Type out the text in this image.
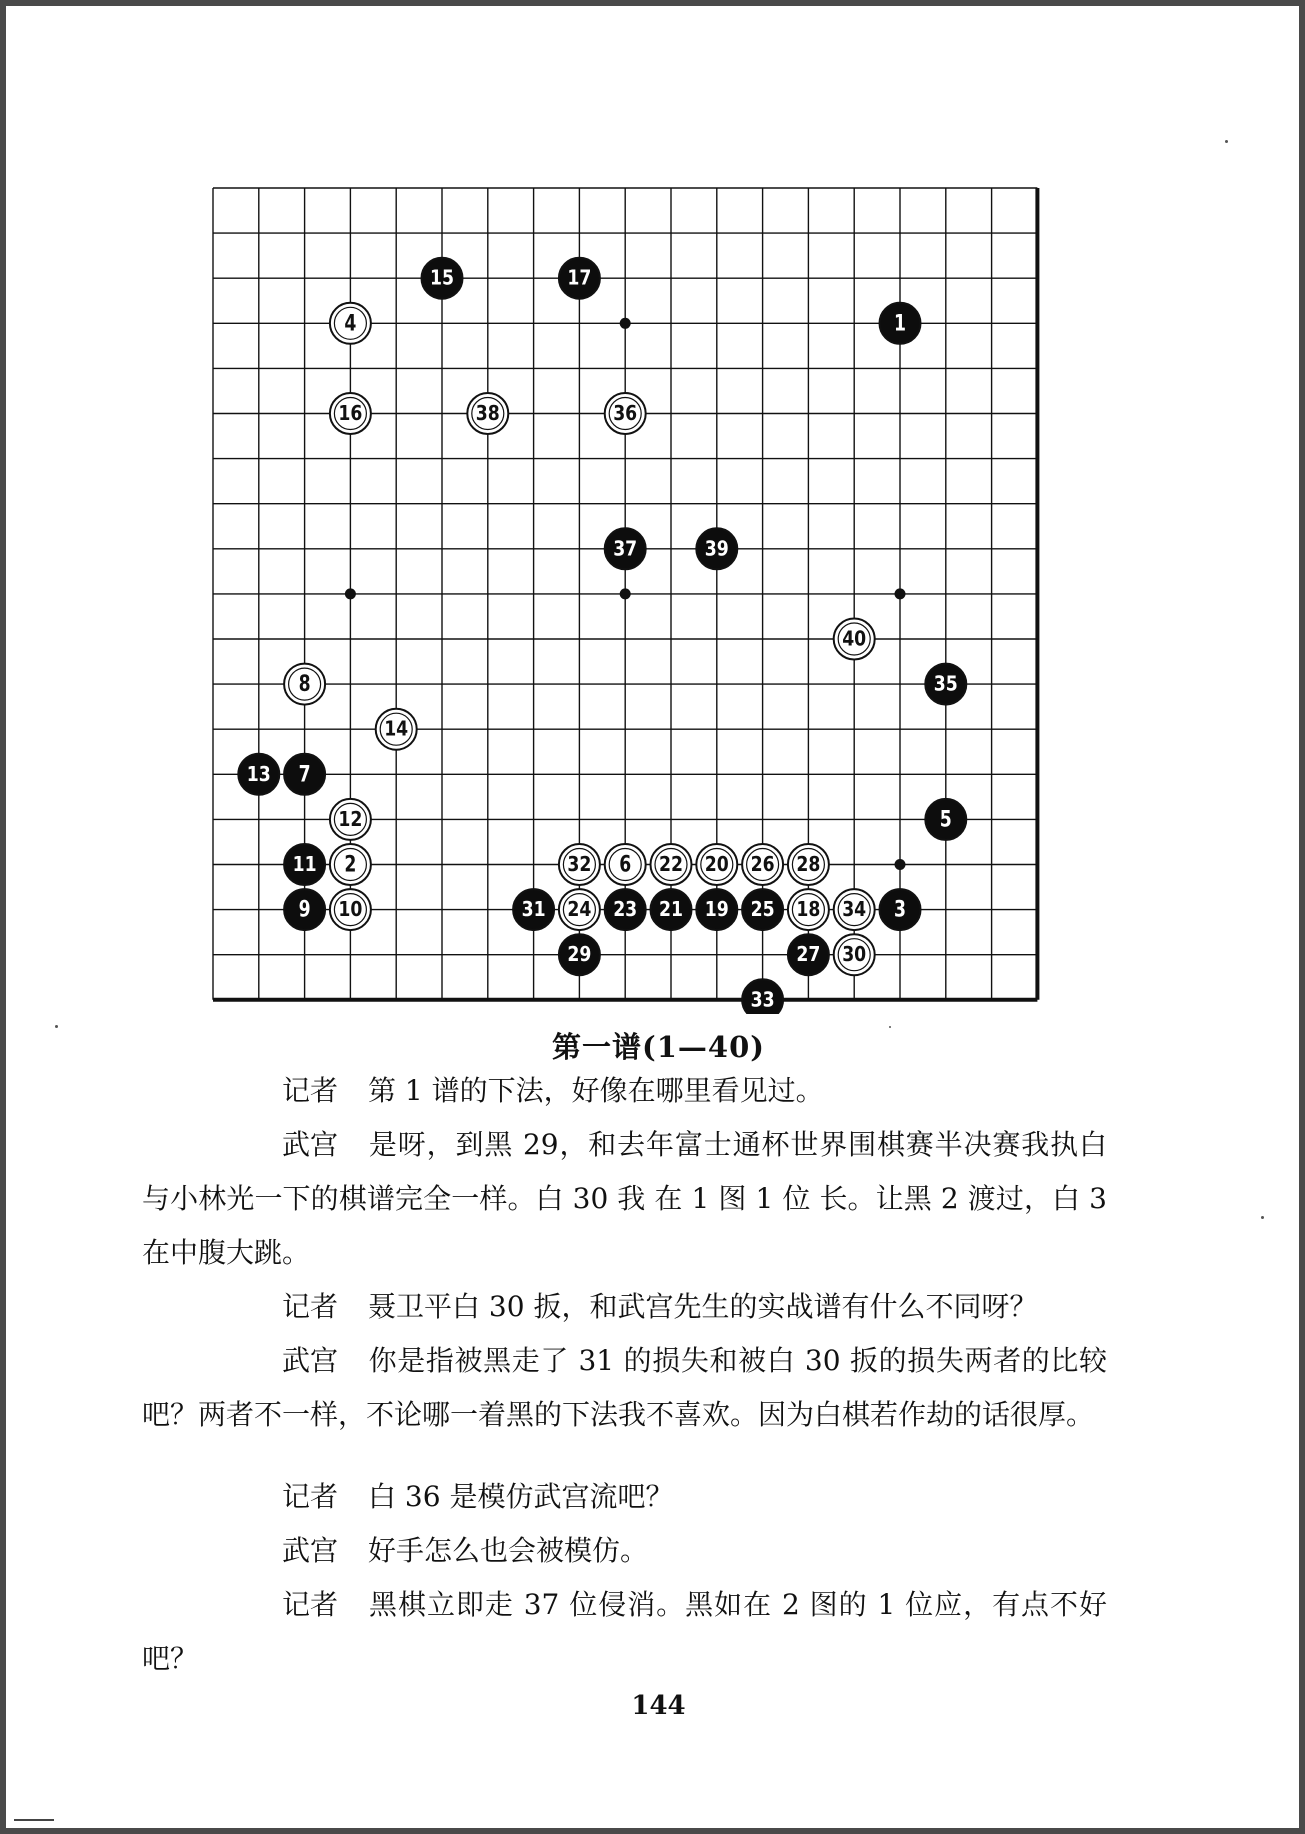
1
2
3
4
5
6
7
8
9 10
11
12
13
14
15
16
17
18
19
20
21
22
23
24	25
26
27
28
29	30
31
32
33
34
35
36
37
38
39
40
第一谱(1—40)

记者 第 1 谱的下法，好像在哪里看见过。

武宫 是呀，到黑 29，和去年富士通杯世界围棋赛半决赛我执白与小林光一下的棋谱完全一样。白 30 我 在 1 图 1 位 长。让黑 2 渡过，白 3 在中腹大跳。

记者 聂卫平白 30 扳，和武宫先生的实战谱有什么不同呀？

武宫 你是指被黑走了 31 的损失和被白 30 扳的损失两者的比较吧？两者不一样，不论哪一着黑的下法我不喜欢。因为白棋若作劫的话很厚。

记者 白 36 是模仿武宫流吧？

武宫 好手怎么也会被模仿。

记者 黑棋立即走 37 位侵消。黑如在 2 图的 1 位应，有点不好吧？

144
